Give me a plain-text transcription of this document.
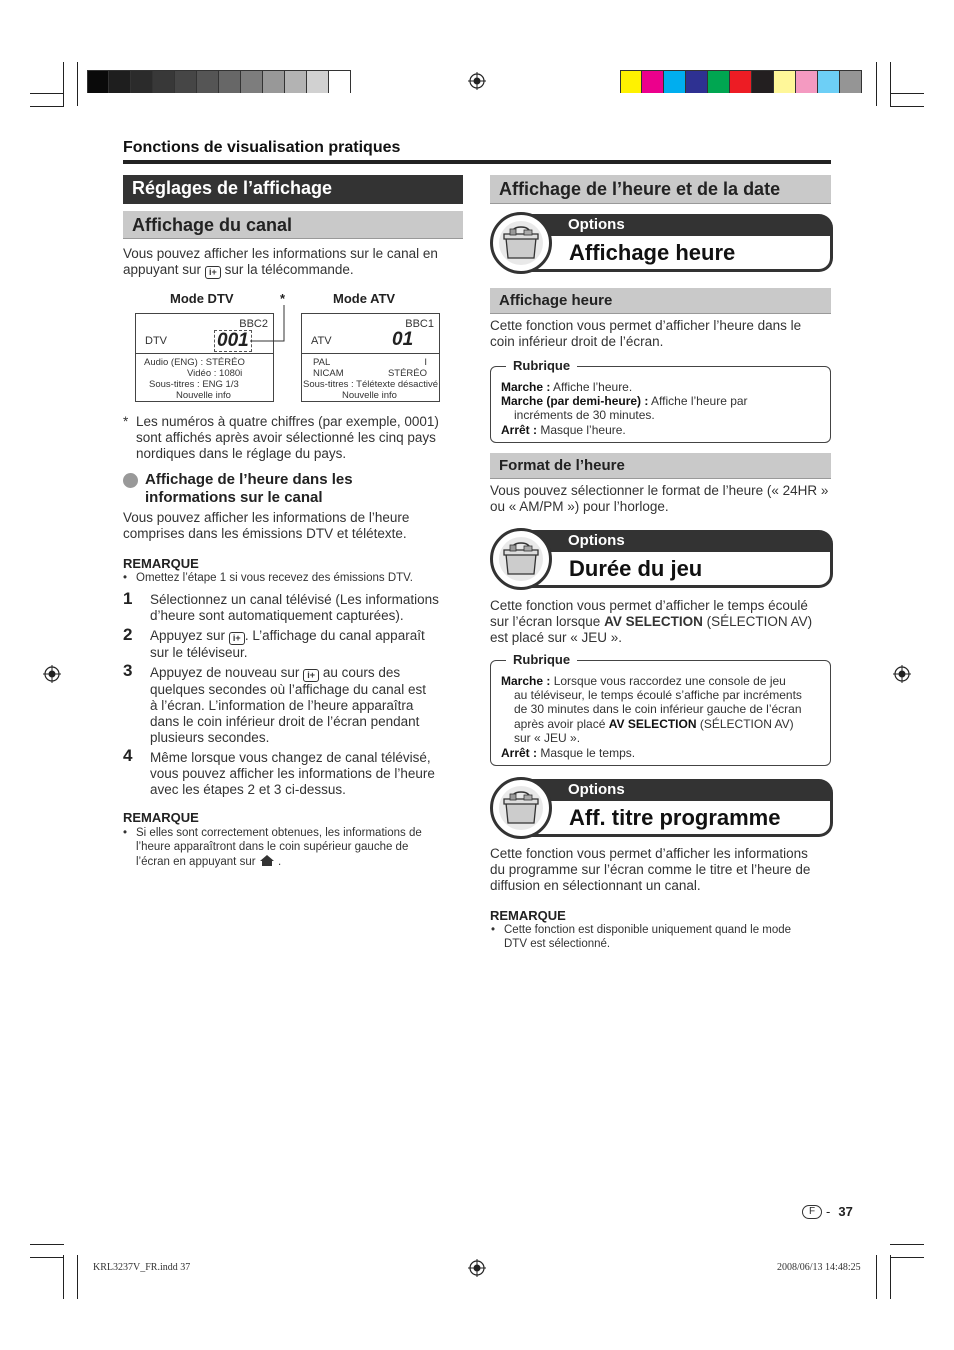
Fonctions de visualisation pratiques
Réglages de l’affichage
Affichage du canal
Vous pouvez afficher les informations sur le canal en
appuyant sur i+ sur la télécommande.
Mode DTV	*	Mode ATV
BBC2
DTV	001
Audio (ENG) : STÉRÉO
Vidéo : 1080i
Sous-titres : ENG 1/3
Nouvelle info
BBC1
ATV	01
PAL	I
NICAM	STÉRÉO
Sous-titres : Télétexte désactivé
Nouvelle info
* Les numéros à quatre chiffres (par exemple, 0001)
sont affichés après avoir sélectionné les cinq pays
nordiques dans le réglage du pays.
Affichage de l’heure dans les
informations sur le canal
Vous pouvez afficher les informations de l’heure
comprises dans les émissions DTV et télétexte.
REMARQUE
• Omettez l’étape 1 si vous recevez des émissions DTV.
1 Sélectionnez un canal télévisé (Les informations
d’heure sont automatiquement capturées).
2 Appuyez sur i+ . L’affichage du canal apparaît
sur le téléviseur.
3 Appuyez de nouveau sur i+ au cours des
quelques secondes où l’affichage du canal est
à l’écran. L’information de l’heure apparaîtra
dans le coin inférieur droit de l’écran pendant
plusieurs secondes.
4 Même lorsque vous changez de canal télévisé,
vous pouvez afficher les informations de l’heure
avec les étapes 2 et 3 ci-dessus.
REMARQUE
• Si elles sont correctement obtenues, les informations de
l’heure apparaîtront dans le coin supérieur gauche de
l’écran en appuyant sur  .
Affichage de l’heure et de la date
Options
Affichage heure
Affichage heure
Cette fonction vous permet d’afficher l’heure dans le
coin inférieur droit de l’écran.
Rubrique
Marche : Affiche l’heure.
Marche (par demi-heure) : Affiche l’heure par
incréments de 30 minutes.
Arrêt : Masque l’heure.
Format de l’heure
Vous pouvez sélectionner le format de l’heure (« 24HR »
ou « AM/PM ») pour l’horloge.
Options
Durée du jeu
Cette fonction vous permet d’afficher le temps écoulé
sur l’écran lorsque AV SELECTION (SÉLECTION AV)
est placé sur « JEU ».
Rubrique
Marche : Lorsque vous raccordez une console de jeu
au téléviseur, le temps écoulé s’affiche par incréments
de 30 minutes dans le coin inférieur gauche de l’écran
après avoir placé AV SELECTION (SÉLECTION AV)
sur « JEU ».
Arrêt : Masque le temps.
Options
Aff. titre programme
Cette fonction vous permet d’afficher les informations
du programme sur l’écran comme le titre et l’heure de
diffusion en sélectionnant un canal.
REMARQUE
• Cette fonction est disponible uniquement quand le mode
DTV est sélectionné.
F - 37
KRL3237V_FR.indd 37	2008/06/13 14:48:25
